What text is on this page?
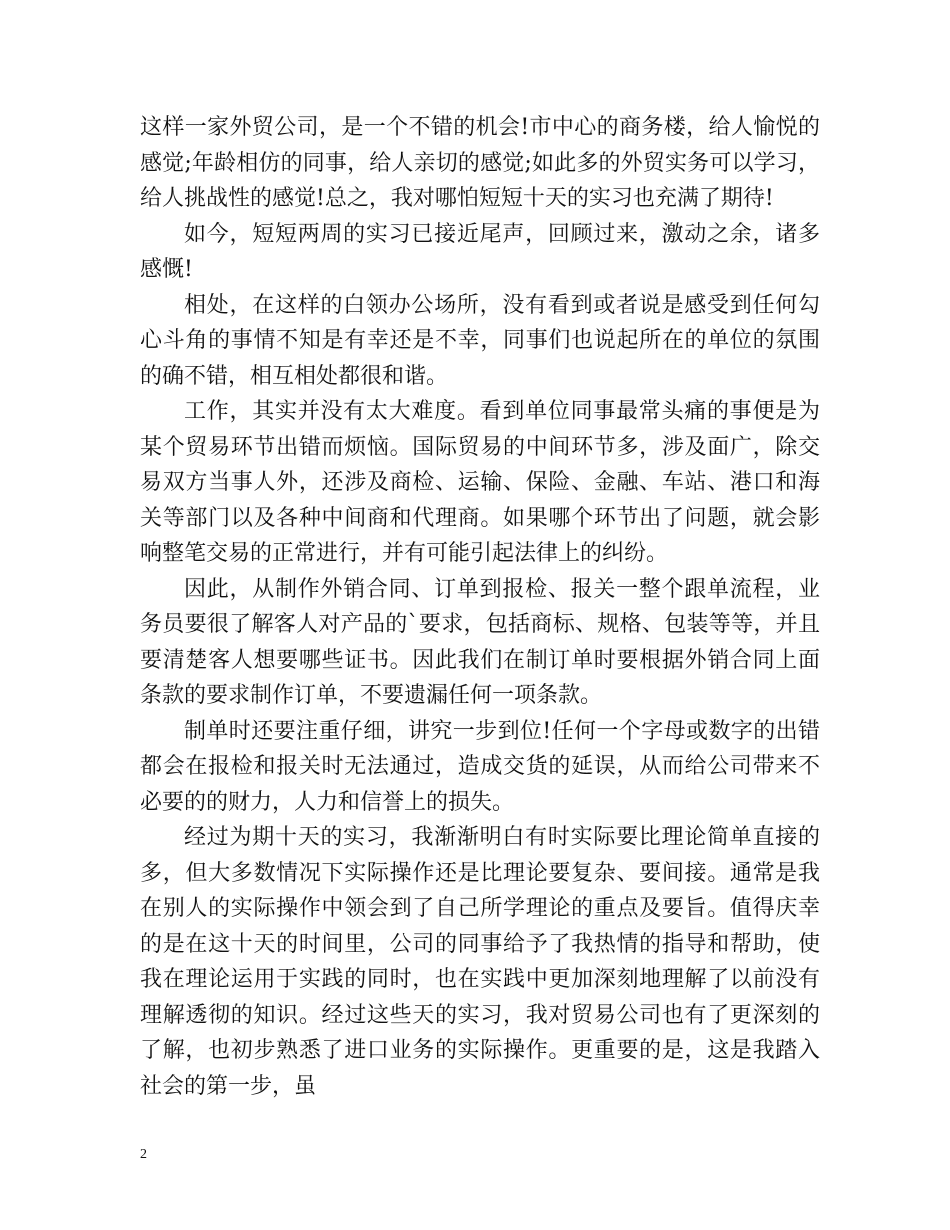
这样一家外贸公司，是一个不错的机会!市中心的商务楼，给人愉悦的感觉;年龄相仿的同事，给人亲切的感觉;如此多的外贸实务可以学习，给人挑战性的感觉!总之，我对哪怕短短十天的实习也充满了期待!

如今，短短两周的实习已接近尾声，回顾过来，激动之余，诸多感慨!

相处，在这样的白领办公场所，没有看到或者说是感受到任何勾心斗角的事情不知是有幸还是不幸，同事们也说起所在的单位的氛围的确不错，相互相处都很和谐。

工作，其实并没有太大难度。看到单位同事最常头痛的事便是为某个贸易环节出错而烦恼。国际贸易的中间环节多，涉及面广，除交易双方当事人外，还涉及商检、运输、保险、金融、车站、港口和海关等部门以及各种中间商和代理商。如果哪个环节出了问题，就会影响整笔交易的正常进行，并有可能引起法律上的纠纷。

因此，从制作外销合同、订单到报检、报关一整个跟单流程，业务员要很了解客人对产品的`要求，包括商标、规格、包装等等，并且要清楚客人想要哪些证书。因此我们在制订单时要根据外销合同上面条款的要求制作订单，不要遗漏任何一项条款。

制单时还要注重仔细，讲究一步到位!任何一个字母或数字的出错都会在报检和报关时无法通过，造成交货的延误，从而给公司带来不必要的的财力，人力和信誉上的损失。

经过为期十天的实习，我渐渐明白有时实际要比理论简单直接的多，但大多数情况下实际操作还是比理论要复杂、要间接。通常是我在别人的实际操作中领会到了自己所学理论的重点及要旨。值得庆幸的是在这十天的时间里，公司的同事给予了我热情的指导和帮助，使我在理论运用于实践的同时，也在实践中更加深刻地理解了以前没有理解透彻的知识。经过这些天的实习，我对贸易公司也有了更深刻的了解，也初步熟悉了进口业务的实际操作。更重要的是，这是我踏入社会的第一步，虽

2
